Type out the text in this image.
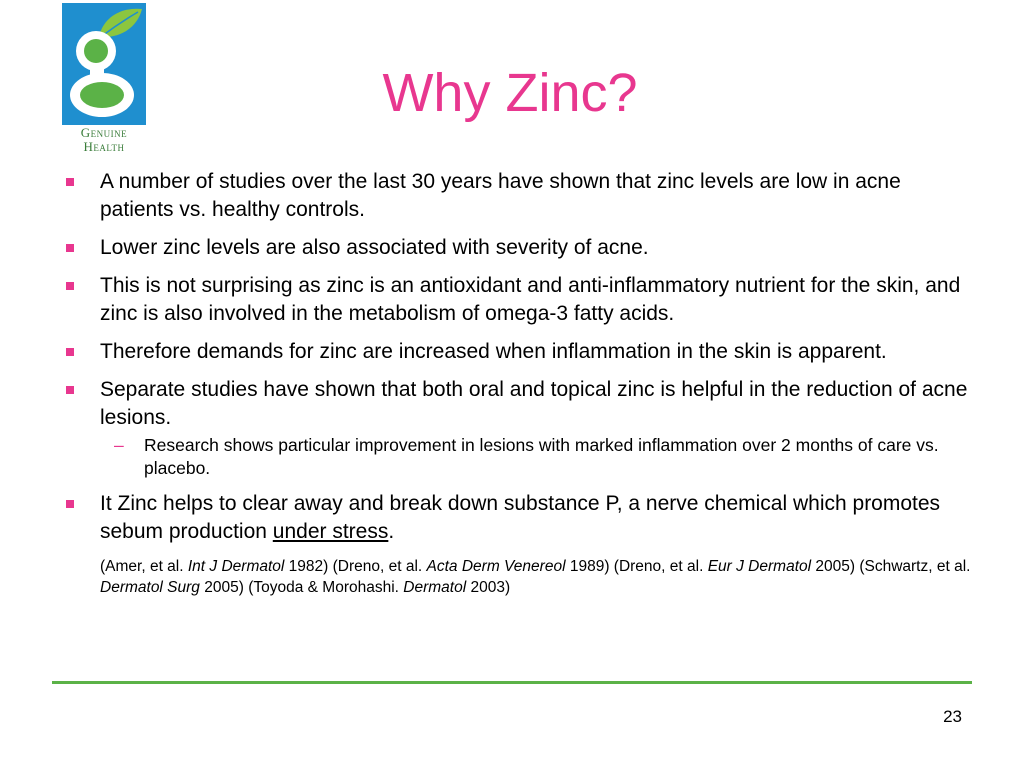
Genuine
Health
Why Zinc?
A number of studies over the last 30 years have shown that zinc levels are low in acne patients vs. healthy controls.
Lower zinc levels are also associated with severity of acne.
This is not surprising as zinc is an antioxidant and anti-inflammatory nutrient for the skin, and zinc is also involved in the metabolism of omega-3 fatty acids.
Therefore demands for zinc are increased when inflammation in the skin is apparent.
Separate studies have shown that both oral and topical zinc is helpful in the reduction of acne lesions.
– Research shows particular improvement in lesions with marked inflammation over 2 months of care vs. placebo.
It Zinc helps to clear away and break down substance P, a nerve chemical which promotes sebum production under stress.
(Amer, et al. Int J Dermatol 1982) (Dreno, et al. Acta Derm Venereol 1989) (Dreno, et al. Eur J Dermatol 2005) (Schwartz, et al. Dermatol Surg 2005) (Toyoda & Morohashi. Dermatol 2003)
23
